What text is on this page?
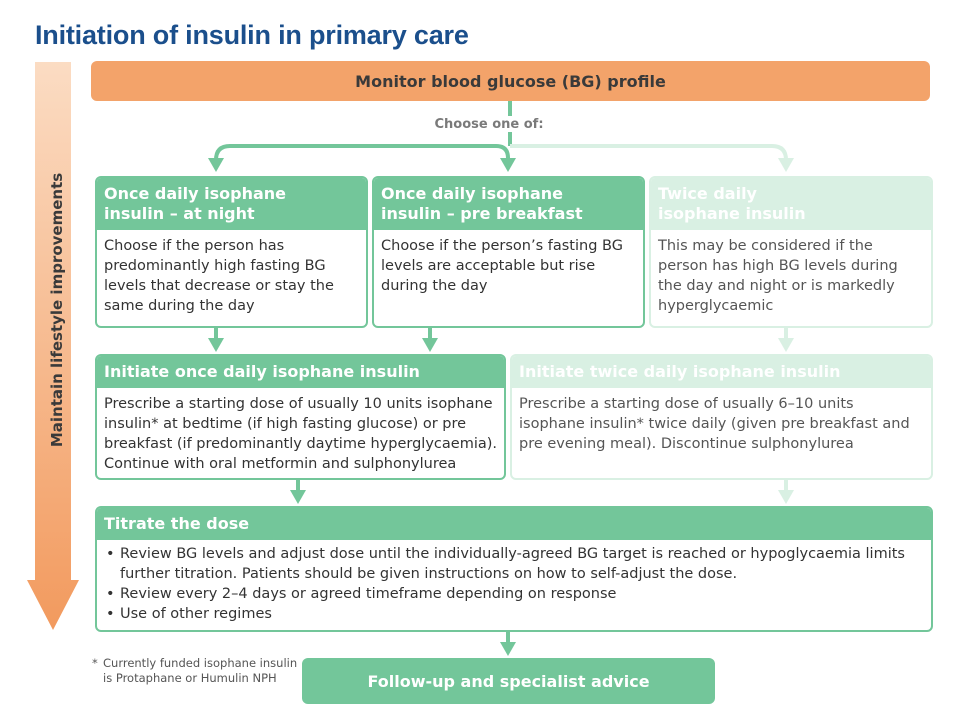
Initiation of insulin in primary care
Maintain lifestyle improvements
Monitor blood glucose (BG) profile
Choose one of:
Once daily isophane
insulin – at night
Choose if the person has predominantly high fasting BG levels that decrease or stay the same during the day
Once daily isophane
insulin – pre breakfast
Choose if the person’s fasting BG levels are acceptable but rise during the day
Twice daily
isophane insulin
This may be considered if the person has high BG levels during the day and night or is markedly hyperglycaemic
Initiate once daily isophane insulin
Prescribe a starting dose of usually 10 units isophane insulin* at bedtime (if high fasting glucose) or pre breakfast (if predominantly daytime hyperglycaemia). Continue with oral metformin and sulphonylurea
Initiate twice daily isophane insulin
Prescribe a starting dose of usually 6–10 units isophane insulin* twice daily (given pre breakfast and pre evening meal). Discontinue sulphonylurea
Titrate the dose
• Review BG levels and adjust dose until the individually-agreed BG target is reached or hypoglycaemia limits further titration. Patients should be given instructions on how to self-adjust the dose.
• Review every 2–4 days or agreed timeframe depending on response
• Use of other regimes
* Currently funded isophane insulin
is Protaphane or Humulin NPH	Follow-up and specialist advice
